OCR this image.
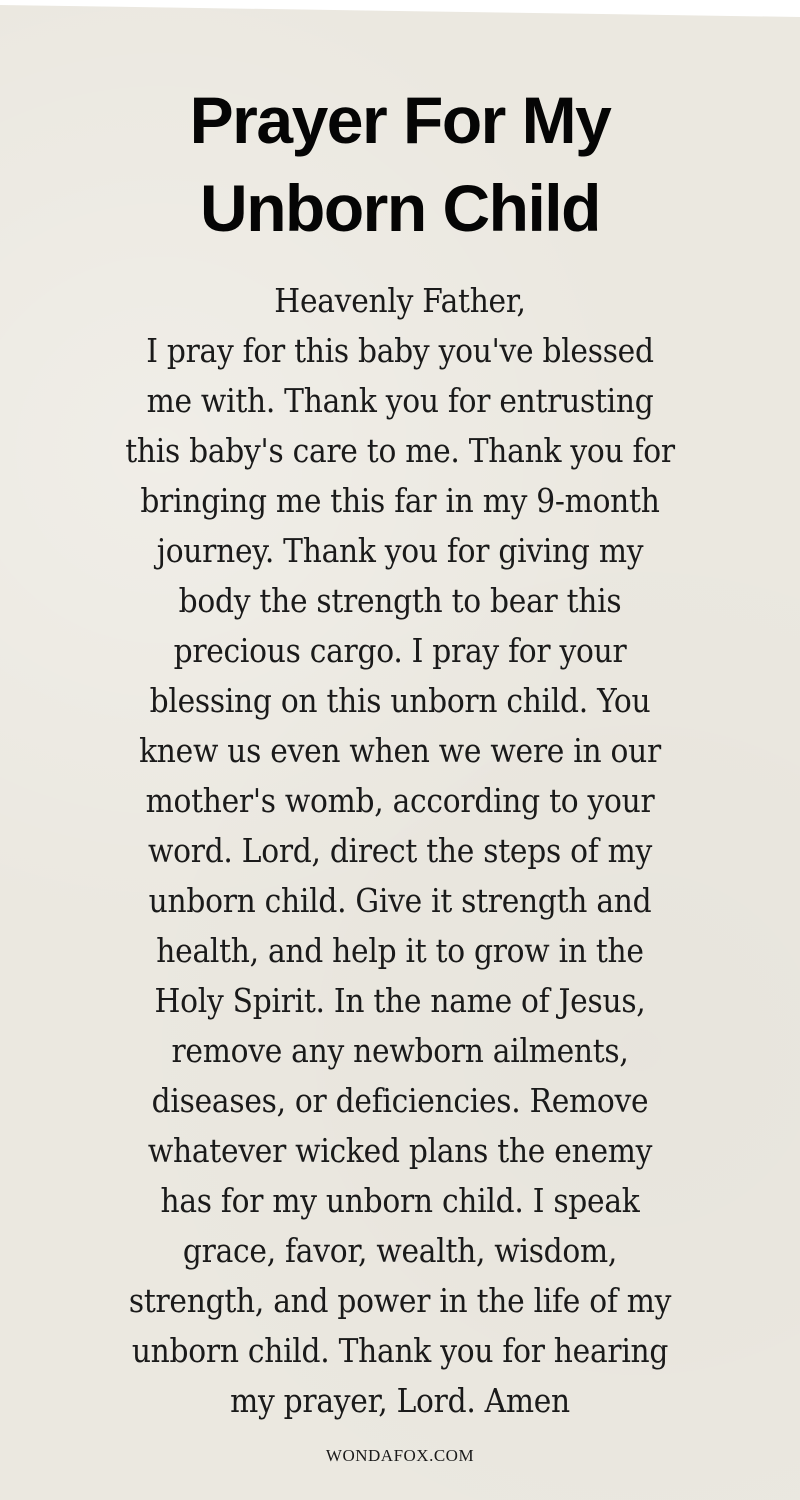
Prayer For My
Unborn Child
Heavenly Father,
I pray for this baby you've blessed
me with. Thank you for entrusting
this baby's care to me. Thank you for
bringing me this far in my 9-month
journey. Thank you for giving my
body the strength to bear this
precious cargo. I pray for your
blessing on this unborn child. You
knew us even when we were in our
mother's womb, according to your
word. Lord, direct the steps of my
unborn child. Give it strength and
health, and help it to grow in the
Holy Spirit. In the name of Jesus,
remove any newborn ailments,
diseases, or deficiencies. Remove
whatever wicked plans the enemy
has for my unborn child. I speak
grace, favor, wealth, wisdom,
strength, and power in the life of my
unborn child. Thank you for hearing
my prayer, Lord. Amen
WONDAFOX.COM
